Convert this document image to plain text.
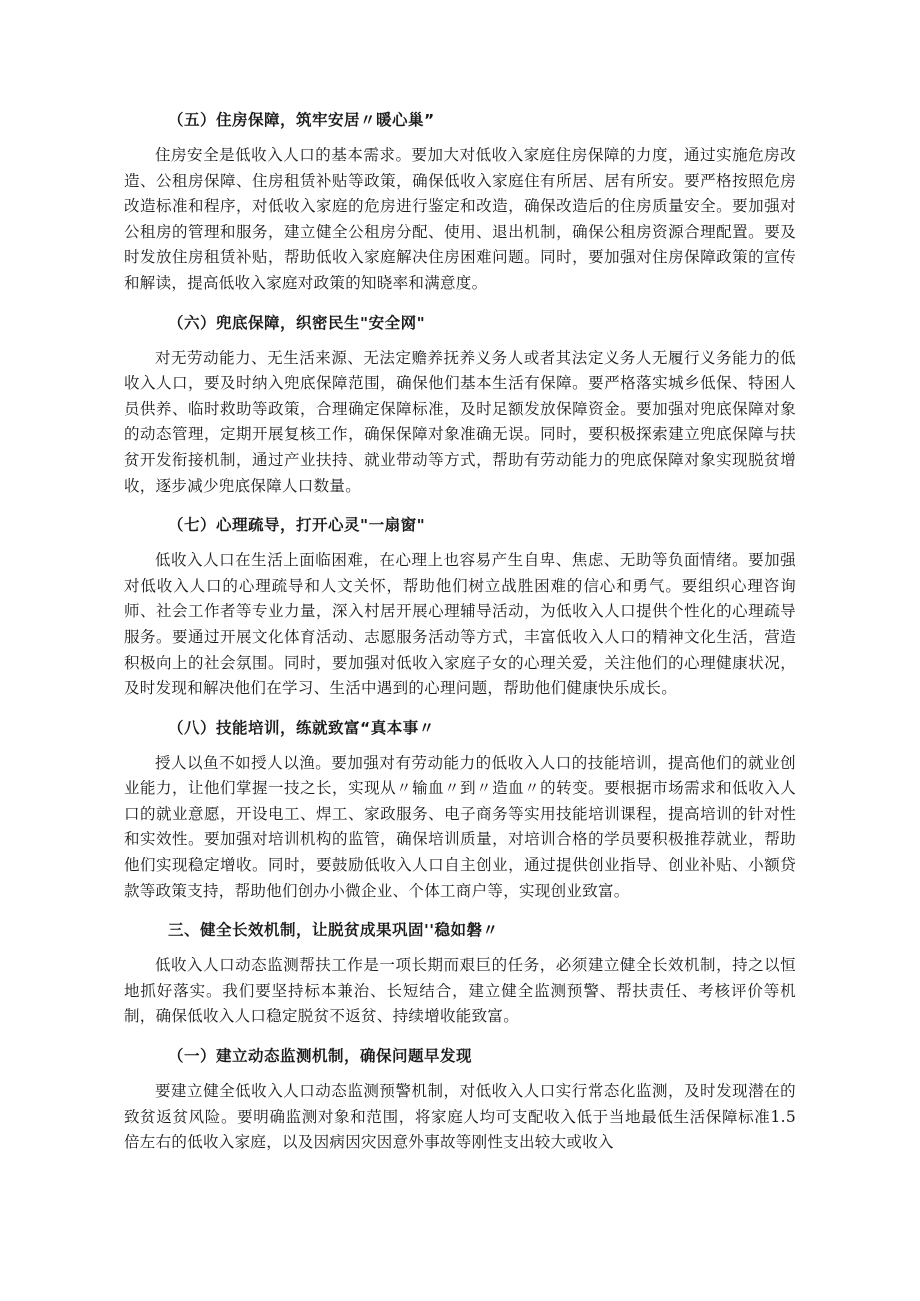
（五）住房保障，筑牢安居〃暖心巢”
住房安全是低收入人口的基本需求。要加大对低收入家庭住房保障的力度，通过实施危房改造、公租房保障、住房租赁补贴等政策，确保低收入家庭住有所居、居有所安。要严格按照危房改造标准和程序，对低收入家庭的危房进行鉴定和改造，确保改造后的住房质量安全。要加强对公租房的管理和服务，建立健全公租房分配、使用、退出机制，确保公租房资源合理配置。要及时发放住房租赁补贴，帮助低收入家庭解决住房困难问题。同时，要加强对住房保障政策的宣传和解读，提高低收入家庭对政策的知晓率和满意度。
（六）兜底保障，织密民生"安全网"
对无劳动能力、无生活来源、无法定赡养抚养义务人或者其法定义务人无履行义务能力的低收入人口，要及时纳入兜底保障范围，确保他们基本生活有保障。要严格落实城乡低保、特困人员供养、临时救助等政策，合理确定保障标准，及时足额发放保障资金。要加强对兜底保障对象的动态管理，定期开展复核工作，确保保障对象准确无误。同时，要积极探索建立兜底保障与扶贫开发衔接机制，通过产业扶持、就业带动等方式，帮助有劳动能力的兜底保障对象实现脱贫增收，逐步减少兜底保障人口数量。
（七）心理疏导，打开心灵"一扇窗"
低收入人口在生活上面临困难，在心理上也容易产生自卑、焦虑、无助等负面情绪。要加强对低收入人口的心理疏导和人文关怀，帮助他们树立战胜困难的信心和勇气。要组织心理咨询师、社会工作者等专业力量，深入村居开展心理辅导活动，为低收入人口提供个性化的心理疏导服务。要通过开展文化体育活动、志愿服务活动等方式，丰富低收入人口的精神文化生活，营造积极向上的社会氛围。同时，要加强对低收入家庭子女的心理关爱，关注他们的心理健康状况，及时发现和解决他们在学习、生活中遇到的心理问题，帮助他们健康快乐成长。
（八）技能培训，练就致富“真本事〃
授人以鱼不如授人以渔。要加强对有劳动能力的低收入人口的技能培训，提高他们的就业创业能力，让他们掌握一技之长，实现从〃输血〃到〃造血〃的转变。要根据市场需求和低收入人口的就业意愿，开设电工、焊工、家政服务、电子商务等实用技能培训课程，提高培训的针对性和实效性。要加强对培训机构的监管，确保培训质量，对培训合格的学员要积极推荐就业，帮助他们实现稳定增收。同时，要鼓励低收入人口自主创业，通过提供创业指导、创业补贴、小额贷款等政策支持，帮助他们创办小微企业、个体工商户等，实现创业致富。
三、健全长效机制，让脱贫成果巩固''稳如磐〃
低收入人口动态监测帮扶工作是一项长期而艰巨的任务，必须建立健全长效机制，持之以恒地抓好落实。我们要坚持标本兼治、长短结合，建立健全监测预警、帮扶责任、考核评价等机制，确保低收入人口稳定脱贫不返贫、持续增收能致富。
（一）建立动态监测机制，确保问题早发现
要建立健全低收入人口动态监测预警机制，对低收入人口实行常态化监测，及时发现潜在的致贫返贫风险。要明确监测对象和范围，将家庭人均可支配收入低于当地最低生活保障标准1.5倍左右的低收入家庭，以及因病因灾因意外事故等刚性支出较大或收入
